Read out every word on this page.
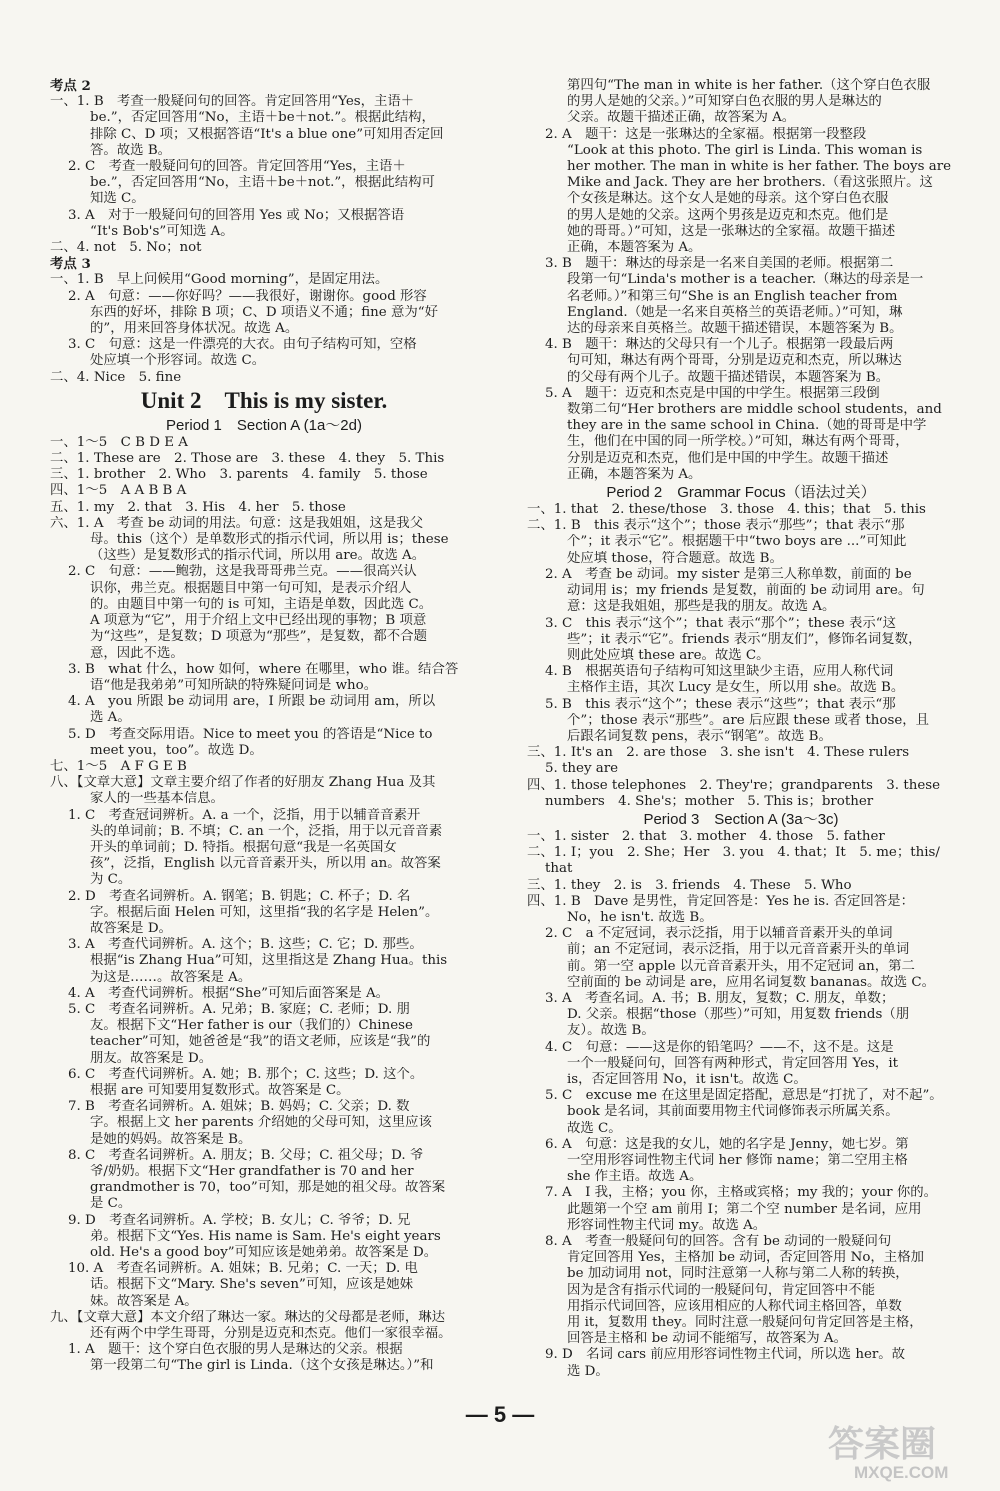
考点 2
一、1. B　考查一般疑问句的回答。肯定回答用“Yes，主语＋
be.”，否定回答用“No，主语＋be＋not.”。根据此结构，
排除 C、D 项；又根据答语“It's a blue one”可知用否定回
答。故选 B。
2. C　考查一般疑问句的回答。肯定回答用“Yes，主语＋
be.”，否定回答用“No，主语＋be＋not.”，根据此结构可
知选 C。
3. A　对于一般疑问句的回答用 Yes 或 No；又根据答语
“It's Bob's”可知选 A。
二、4. not　5. No；not
考点 3
一、1. B　早上问候用“Good morning”，是固定用法。
2. A　句意：——你好吗？——我很好，谢谢你。good 形容
东西的好坏，排除 B 项；C、D 项语义不通；fine 意为“好
的”，用来回答身体状况。故选 A。
3. C　句意：这是一件漂亮的大衣。由句子结构可知，空格
处应填一个形容词。故选 C。
二、4. Nice　5. fine
Unit 2　This is my sister.
Period 1　Section A (1a～2d)
一、1～5　C B D E A
二、1. These are　2. Those are　3. these　4. they　5. This
三、1. brother　2. Who　3. parents　4. family　5. those
四、1～5　A A B B A
五、1. my　2. that　3. His　4. her　5. those
六、1. A　考查 be 动词的用法。句意：这是我姐姐，这是我父
母。this（这个）是单数形式的指示代词，所以用 is；these
（这些）是复数形式的指示代词，所以用 are。故选 A。
2. C　句意：——鲍勃，这是我哥哥弗兰克。——很高兴认
识你，弗兰克。根据题目中第一句可知，是表示介绍人
的。由题目中第一句的 is 可知，主语是单数，因此选 C。
A 项意为“它”，用于介绍上文中已经出现的事物；B 项意
为“这些”，是复数；D 项意为“那些”，是复数，都不合题
意，因此不选。
3. B　what 什么，how 如何，where 在哪里，who 谁。结合答
语“他是我弟弟”可知所缺的特殊疑问词是 who。
4. A　you 所跟 be 动词用 are，I 所跟 be 动词用 am，所以
选 A。
5. D　考查交际用语。Nice to meet you 的答语是“Nice to
meet you，too”。故选 D。
七、1～5　A F G E B
八、【文章大意】文章主要介绍了作者的好朋友 Zhang Hua 及其
家人的一些基本信息。
1. C　考查冠词辨析。A. a 一个，泛指，用于以辅音音素开
头的单词前；B. 不填；C. an 一个，泛指，用于以元音音素
开头的单词前；D. 特指。根据句意“我是一名英国女
孩”，泛指，English 以元音音素开头，所以用 an。故答案
为 C。
2. D　考查名词辨析。A. 钢笔；B. 钥匙；C. 杯子；D. 名
字。根据后面 Helen 可知，这里指“我的名字是 Helen”。
故答案是 D。
3. A　考查代词辨析。A. 这个；B. 这些；C. 它；D. 那些。
根据“is Zhang Hua”可知，这里指这是 Zhang Hua。this
为这是……。故答案是 A。
4. A　考查代词辨析。根据“She”可知后面答案是 A。
5. C　考查名词辨析。A. 兄弟；B. 家庭；C. 老师；D. 朋
友。根据下文“Her father is our（我们的）Chinese
teacher”可知，她爸爸是“我”的语文老师，应该是“我”的
朋友。故答案是 D。
6. C　考查代词辨析。A. 她；B. 那个；C. 这些；D. 这个。
根据 are 可知要用复数形式。故答案是 C。
7. B　考查名词辨析。A. 姐妹；B. 妈妈；C. 父亲；D. 数
字。根据上文 her parents 介绍她的父母可知，这里应该
是她的妈妈。故答案是 B。
8. C　考查名词辨析。A. 朋友；B. 父母；C. 祖父母；D. 爷
爷/奶奶。根据下文“Her grandfather is 70 and her
grandmother is 70，too”可知，那是她的祖父母。故答案
是 C。
9. D　考查名词辨析。A. 学校；B. 女儿；C. 爷爷；D. 兄
弟。根据下文“Yes. His name is Sam. He's eight years
old. He's a good boy”可知应该是她弟弟。故答案是 D。
10. A　考查名词辨析。A. 姐妹；B. 兄弟；C. 一天；D. 电
话。根据下文“Mary. She's seven”可知，应该是她妹
妹。故答案是 A。
九、【文章大意】本文介绍了琳达一家。琳达的父母都是老师，琳达
还有两个中学生哥哥，分别是迈克和杰克。他们一家很幸福。
1. A　题干：这个穿白色衣服的男人是琳达的父亲。根据
第一段第二句“The girl is Linda.（这个女孩是琳达。）”和
第四句“The man in white is her father.（这个穿白色衣服
的男人是她的父亲。）”可知穿白色衣服的男人是琳达的
父亲。故题干描述正确，故答案为 A。
2. A　题干：这是一张琳达的全家福。根据第一段整段
“Look at this photo. The girl is Linda. This woman is
her mother. The man in white is her father. The boys are
Mike and Jack. They are her brothers.（看这张照片。这
个女孩是琳达。这个女人是她的母亲。这个穿白色衣服
的男人是她的父亲。这两个男孩是迈克和杰克。他们是
她的哥哥。）”可知，这是一张琳达的全家福。故题干描述
正确，本题答案为 A。
3. B　题干：琳达的母亲是一名来自美国的老师。根据第二
段第一句“Linda's mother is a teacher.（琳达的母亲是一
名老师。）”和第三句“She is an English teacher from
England.（她是一名来自英格兰的英语老师。）”可知，琳
达的母亲来自英格兰。故题干描述错误，本题答案为 B。
4. B　题干：琳达的父母只有一个儿子。根据第一段最后两
句可知，琳达有两个哥哥，分别是迈克和杰克，所以琳达
的父母有两个儿子。故题干描述错误，本题答案为 B。
5. A　题干：迈克和杰克是中国的中学生。根据第三段倒
数第二句“Her brothers are middle school students，and
they are in the same school in China.（她的哥哥是中学
生，他们在中国的同一所学校。）”可知，琳达有两个哥哥，
分别是迈克和杰克，他们是中国的中学生。故题干描述
正确，本题答案为 A。
Period 2　Grammar Focus（语法过关）
一、1. that　2. these/those　3. those　4. this；that　5. this
二、1. B　this 表示“这个”；those 表示“那些”；that 表示“那
个”；it 表示“它”。根据题干中“two boys are ...”可知此
处应填 those，符合题意。故选 B。
2. A　考查 be 动词。my sister 是第三人称单数，前面的 be
动词用 is；my friends 是复数，前面的 be 动词用 are。句
意：这是我姐姐，那些是我的朋友。故选 A。
3. C　this 表示“这个”；that 表示“那个”；these 表示“这
些”；it 表示“它”。friends 表示“朋友们”，修饰名词复数，
则此处应填 these are。故选 C。
4. B　根据英语句子结构可知这里缺少主语，应用人称代词
主格作主语，其次 Lucy 是女生，所以用 she。故选 B。
5. B　this 表示“这个”；these 表示“这些”；that 表示“那
个”；those 表示“那些”。are 后应跟 these 或者 those，且
后跟名词复数 pens，表示“钢笔”。故选 B。
三、1. It's an　2. are those　3. she isn't　4. These rulers
5. they are
四、1. those telephones　2. They're；grandparents　3. these
numbers　4. She's；mother　5. This is；brother
Period 3　Section A (3a～3c)
一、1. sister　2. that　3. mother　4. those　5. father
二、1. I；you　2. She；Her　3. you　4. that；It　5. me；this/
that
三、1. they　2. is　3. friends　4. These　5. Who
四、1. B　Dave 是男性，肯定回答是：Yes he is. 否定回答是：
No，he isn't. 故选 B。
2. C　a 不定冠词，表示泛指，用于以辅音音素开头的单词
前；an 不定冠词，表示泛指，用于以元音音素开头的单词
前。第一空 apple 以元音音素开头，用不定冠词 an，第二
空前面的 be 动词是 are，应用名词复数 bananas。故选 C。
3. A　考查名词。A. 书；B. 朋友，复数；C. 朋友，单数；
D. 父亲。根据“those（那些）”可知，用复数 friends（朋
友）。故选 B。
4. C　句意：——这是你的铅笔吗？——不，这不是。这是
一个一般疑问句，回答有两种形式，肯定回答用 Yes，it
is，否定回答用 No，it isn't。故选 C。
5. C　excuse me 在这里是固定搭配，意思是“打扰了，对不起”。
book 是名词，其前面要用物主代词修饰表示所属关系。
故选 C。
6. A　句意：这是我的女儿，她的名字是 Jenny，她七岁。第
一空用形容词性物主代词 her 修饰 name；第二空用主格
she 作主语。故选 A。
7. A　I 我，主格；you 你，主格或宾格；my 我的；your 你的。
此题第一个空 am 前用 I；第二个空 number 是名词，应用
形容词性物主代词 my。故选 A。
8. A　考查一般疑问句的回答。含有 be 动词的一般疑问句
肯定回答用 Yes，主格加 be 动词，否定回答用 No，主格加
be 加动词用 not，同时注意第一人称与第二人称的转换，
因为是含有指示代词的一般疑问句，肯定回答中不能
用指示代词回答，应该用相应的人称代词主格回答，单数
用 it，复数用 they。同时注意一般疑问句肯定回答是主格，
回答是主格和 be 动词不能缩写，故答案为 A。
9. D　名词 cars 前应用形容词性物主代词，所以选 her。故
选 D。
— 5 —
答案圈
MXQE.COM
